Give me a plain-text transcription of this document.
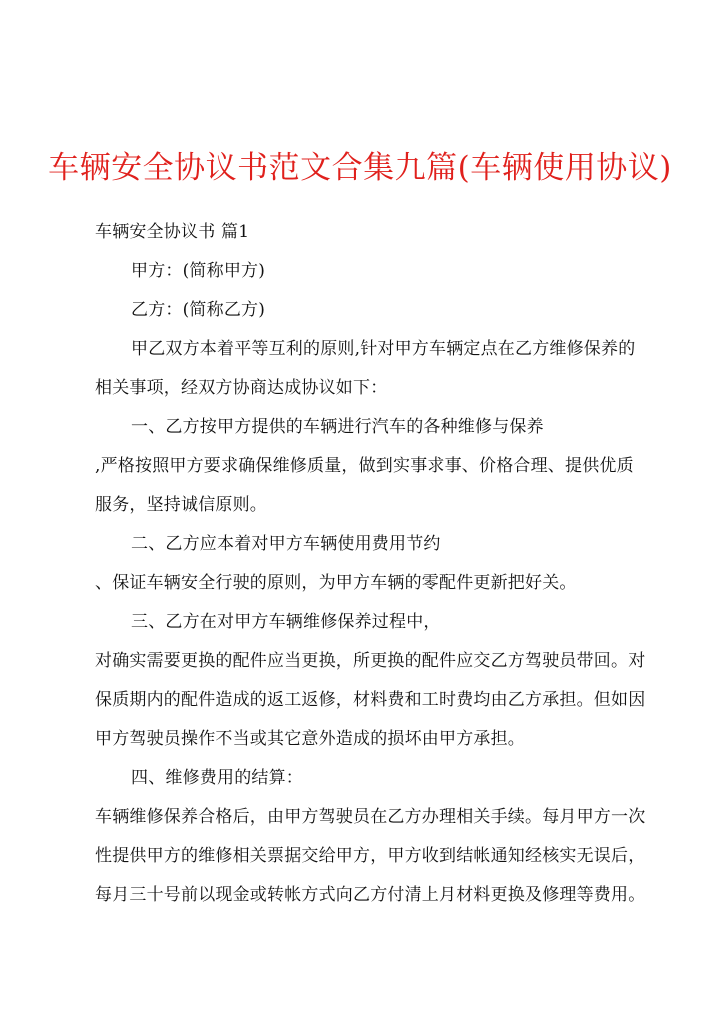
车辆安全协议书范文合集九篇(车辆使用协议)
车辆安全协议书 篇1
甲方：(简称甲方)
乙方：(简称乙方)
甲乙双方本着平等互利的原则,针对甲方车辆定点在乙方维修保养的
相关事项，经双方协商达成协议如下：
一、乙方按甲方提供的车辆进行汽车的各种维修与保养
,严格按照甲方要求确保维修质量，做到实事求事、价格合理、提供优质
服务，坚持诚信原则。
二、乙方应本着对甲方车辆使用费用节约
、保证车辆安全行驶的原则，为甲方车辆的零配件更新把好关。
三、乙方在对甲方车辆维修保养过程中，
对确实需要更换的配件应当更换，所更换的配件应交乙方驾驶员带回。对
保质期内的配件造成的返工返修，材料费和工时费均由乙方承担。但如因
甲方驾驶员操作不当或其它意外造成的损坏由甲方承担。
四、维修费用的结算：
车辆维修保养合格后，由甲方驾驶员在乙方办理相关手续。每月甲方一次
性提供甲方的维修相关票据交给甲方，甲方收到结帐通知经核实无误后，
每月三十号前以现金或转帐方式向乙方付清上月材料更换及修理等费用。
